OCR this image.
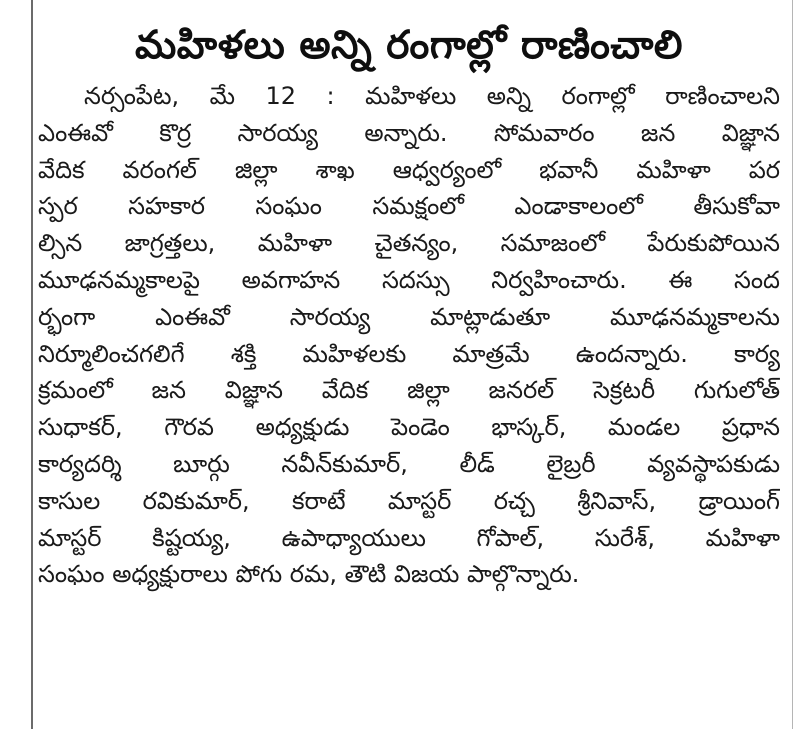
మహిళలు అన్ని రంగాల్లో రాణించాలి
నర్సంపేట, మే 12 : మహిళలు అన్ని రంగాల్లో రాణించాలని
ఎంఈవో కొర్ర సారయ్య అన్నారు. సోమవారం జన విజ్ఞాన
వేదిక వరంగల్ జిల్లా శాఖ ఆధ్వర్యంలో భవానీ మహిళా పర
స్పర సహకార సంఘం సమక్షంలో ఎండాకాలంలో తీసుకోవా
ల్సిన జాగ్రత్తలు, మహిళా చైతన్యం, సమాజంలో పేరుకుపోయిన
మూఢనమ్మకాలపై అవగాహన సదస్సు నిర్వహించారు. ఈ సంద
ర్భంగా ఎంఈవో సారయ్య మాట్లాడుతూ మూఢనమ్మకాలను
నిర్మూలించగలిగే శక్తి మహిళలకు మాత్రమే ఉందన్నారు. కార్య
క్రమంలో జన విజ్ఞాన వేదిక జిల్లా జనరల్ సెక్రటరీ గుగులోత్
సుధాకర్, గౌరవ అధ్యక్షుడు పెండెం భాస్కర్, మండల ప్రధాన
కార్యదర్శి బూర్గు నవీన్‌కుమార్, లీడ్ లైబ్రరీ వ్యవస్థాపకుడు
కాసుల రవికుమార్, కరాటే మాస్టర్ రచ్చ శ్రీనివాస్, డ్రాయింగ్
మాస్టర్ కిష్టయ్య, ఉపాధ్యాయులు గోపాల్, సురేశ్, మహిళా
సంఘం అధ్యక్షురాలు పోగు రమ, తౌటి విజయ పాల్గొన్నారు.
